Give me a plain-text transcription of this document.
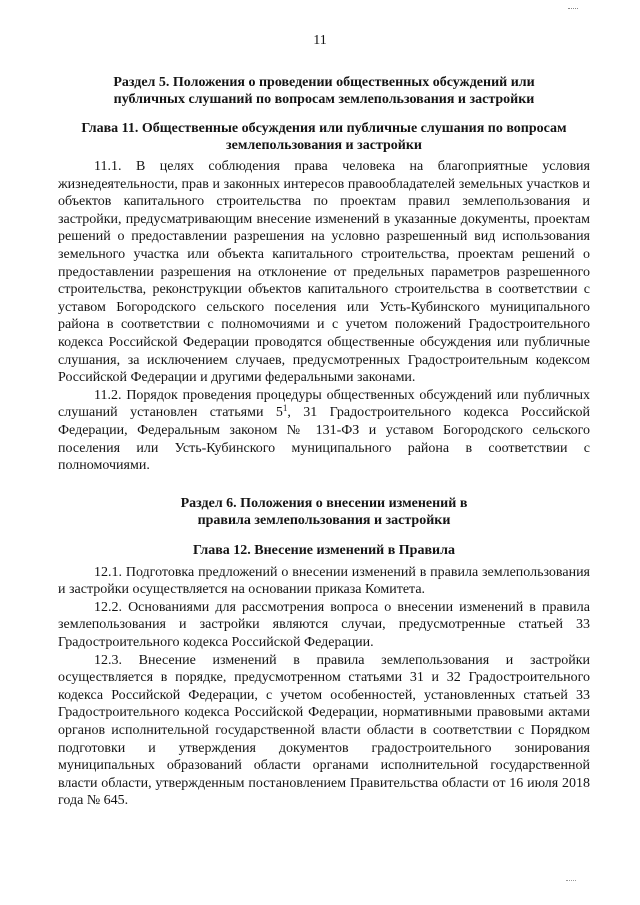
11
Раздел 5. Положения о проведении общественных обсуждений или
публичных слушаний по вопросам землепользования и застройки
Глава 11. Общественные обсуждения или публичные слушания по вопросам
землепользования и застройки

11.1. В целях соблюдения права человека на благоприятные условия жизнедеятельности, прав и законных интересов правообладателей земельных участков и объектов капитального строительства по проектам правил землепользования и застройки, предусматривающим внесение изменений в указанные документы, проектам решений о предоставлении разрешения на условно разрешенный вид использования земельного участка или объекта капитального строительства, проектам решений о предоставлении разрешения на отклонение от предельных параметров разрешенного строительства, реконструкции объектов капитального строительства в соответствии с уставом Богородского сельского поселения или Усть-Кубинского муниципального района в соответствии с полномочиями и с учетом положений Градостроительного кодекса Российской Федерации проводятся общественные обсуждения или публичные слушания, за исключением случаев, предусмотренных Градостроительным кодексом Российской Федерации и другими федеральными законами.

11.2. Порядок проведения процедуры общественных обсуждений или публичных слушаний установлен статьями $5^1$, 31 Градостроительного кодекса Российской Федерации, Федеральным законом № 131-ФЗ и уставом Богородского сельского поселения или Усть-Кубинского муниципального района в соответствии с полномочиями.

Раздел 6. Положения о внесении изменений в
правила землепользования и застройки
Глава 12. Внесение изменений в Правила

12.1. Подготовка предложений о внесении изменений в правила землепользования и застройки осуществляется на основании приказа Комитета.

12.2. Основаниями для рассмотрения вопроса о внесении изменений в правила землепользования и застройки являются случаи, предусмотренные статьей 33 Градостроительного кодекса Российской Федерации.

12.3. Внесение изменений в правила землепользования и застройки осуществляется в порядке, предусмотренном статьями 31 и 32 Градостроительного кодекса Российской Федерации, с учетом особенностей, установленных статьей 33 Градостроительного кодекса Российской Федерации, нормативными правовыми актами органов исполнительной государственной власти области в соответствии с Порядком подготовки и утверждения документов градостроительного зонирования муниципальных образований области органами исполнительной государственной власти области, утвержденным постановлением Правительства области от 16 июля 2018 года № 645.
